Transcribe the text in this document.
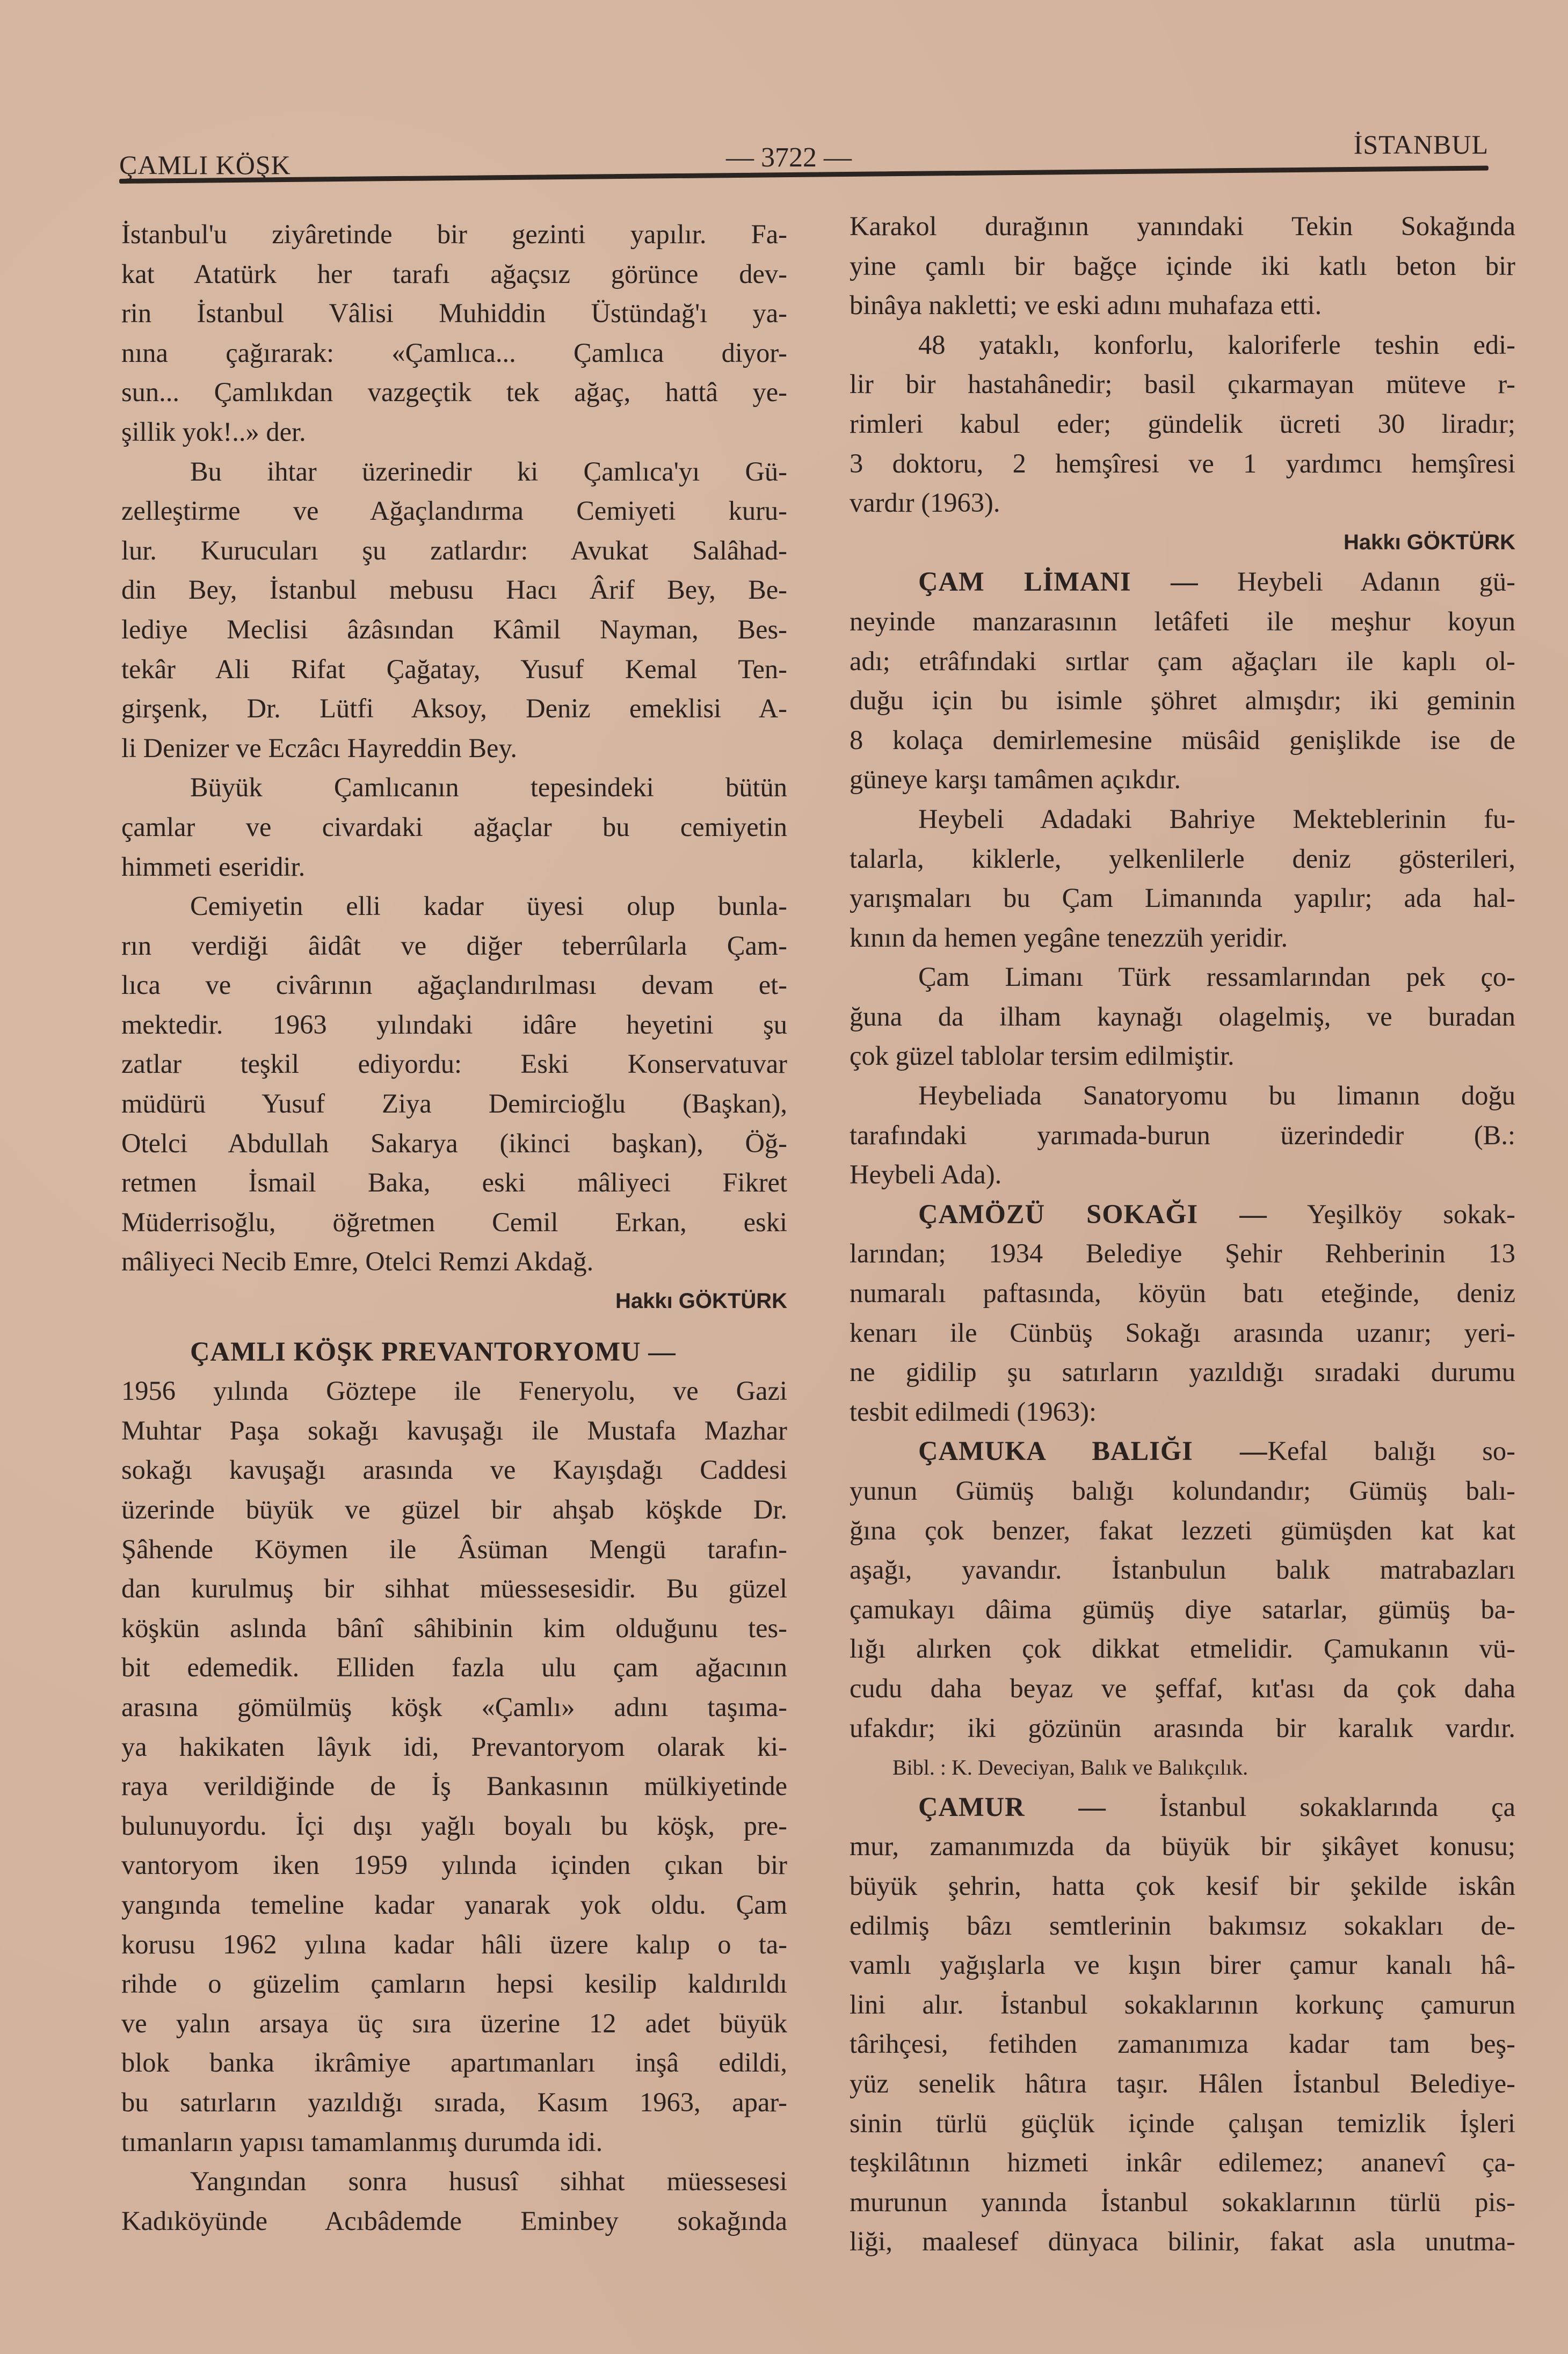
ÇAMLI KÖŞK	— 3722 —	İSTANBUL
İstanbul'u ziyâretinde bir gezinti yapılır. Fa-
kat Atatürk her tarafı ağaçsız görünce dev-
rin İstanbul Vâlisi Muhiddin Üstündağ'ı ya-
nına çağırarak: «Çamlıca... Çamlıca diyor-
sun... Çamlıkdan vazgeçtik tek ağaç, hattâ ye-
şillik yok!..» der.
Bu ihtar üzerinedir ki Çamlıca'yı Gü-
zelleştirme ve Ağaçlandırma Cemiyeti kuru-
lur. Kurucuları şu zatlardır: Avukat Salâhad-
din Bey, İstanbul mebusu Hacı Ârif Bey, Be-
lediye Meclisi âzâsından Kâmil Nayman, Bes-
tekâr Ali Rifat Çağatay, Yusuf Kemal Ten-
girşenk, Dr. Lütfi Aksoy, Deniz emeklisi A-
li Denizer ve Eczâcı Hayreddin Bey.
Büyük Çamlıcanın tepesindeki bütün
çamlar ve civardaki ağaçlar bu cemiyetin
himmeti eseridir.
Cemiyetin elli kadar üyesi olup bunla-
rın verdiği âidât ve diğer teberrûlarla Çam-
lıca ve civârının ağaçlandırılması devam et-
mektedir. 1963 yılındaki idâre heyetini şu
zatlar teşkil ediyordu: Eski Konservatuvar
müdürü Yusuf Ziya Demircioğlu (Başkan),
Otelci Abdullah Sakarya (ikinci başkan), Öğ-
retmen İsmail Baka, eski mâliyeci Fikret
Müderrisoğlu, öğretmen Cemil Erkan, eski
mâliyeci Necib Emre, Otelci Remzi Akdağ.
Hakkı GÖKTÜRK
ÇAMLI KÖŞK PREVANTORYOMU —
1956 yılında Göztepe ile Feneryolu, ve Gazi
Muhtar Paşa sokağı kavuşağı ile Mustafa Mazhar
sokağı kavuşağı arasında ve Kayışdağı Caddesi
üzerinde büyük ve güzel bir ahşab köşkde Dr.
Şâhende Köymen ile Âsüman Mengü tarafın-
dan kurulmuş bir sihhat müessesesidir. Bu güzel
köşkün aslında bânî sâhibinin kim olduğunu tes-
bit edemedik. Elliden fazla ulu çam ağacının
arasına gömülmüş köşk «Çamlı» adını taşıma-
ya hakikaten lâyık idi, Prevantoryom olarak ki-
raya verildiğinde de İş Bankasının mülkiyetinde
bulunuyordu. İçi dışı yağlı boyalı bu köşk, pre-
vantoryom iken 1959 yılında içinden çıkan bir
yangında temeline kadar yanarak yok oldu. Çam
korusu 1962 yılına kadar hâli üzere kalıp o ta-
rihde o güzelim çamların hepsi kesilip kaldırıldı
ve yalın arsaya üç sıra üzerine 12 adet büyük
blok banka ikrâmiye apartımanları inşâ edildi,
bu satırların yazıldığı sırada, Kasım 1963, apar-
tımanların yapısı tamamlanmış durumda idi.
Yangından sonra hususî sihhat müessesesi
Kadıköyünde Acıbâdemde Eminbey sokağında
Karakol durağının yanındaki Tekin Sokağında
yine çamlı bir bağçe içinde iki katlı beton bir
binâya nakletti; ve eski adını muhafaza etti.
48 yataklı, konforlu, kaloriferle teshin edi-
lir bir hastahânedir; basil çıkarmayan müteve r-
rimleri kabul eder; gündelik ücreti 30 liradır;
3 doktoru, 2 hemşîresi ve 1 yardımcı hemşîresi
vardır (1963).
Hakkı GÖKTÜRK
ÇAM LİMANI — Heybeli Adanın gü-
neyinde manzarasının letâfeti ile meşhur koyun
adı; etrâfındaki sırtlar çam ağaçları ile kaplı ol-
duğu için bu isimle şöhret almışdır; iki geminin
8 kolaça demirlemesine müsâid genişlikde ise de
güneye karşı tamâmen açıkdır.
Heybeli Adadaki Bahriye Mekteblerinin fu-
talarla, kiklerle, yelkenlilerle deniz gösterileri,
yarışmaları bu Çam Limanında yapılır; ada hal-
kının da hemen yegâne tenezzüh yeridir.
Çam Limanı Türk ressamlarından pek ço-
ğuna da ilham kaynağı olagelmiş, ve buradan
çok güzel tablolar tersim edilmiştir.
Heybeliada Sanatoryomu bu limanın doğu
tarafındaki yarımada-burun üzerindedir (B.:
Heybeli Ada).
ÇAMÖZÜ SOKAĞI — Yeşilköy sokak-
larından; 1934 Belediye Şehir Rehberinin 13
numaralı paftasında, köyün batı eteğinde, deniz
kenarı ile Cünbüş Sokağı arasında uzanır; yeri-
ne gidilip şu satırların yazıldığı sıradaki durumu
tesbit edilmedi (1963):
ÇAMUKA BALIĞI —Kefal balığı so-
yunun Gümüş balığı kolundandır; Gümüş balı-
ğına çok benzer, fakat lezzeti gümüşden kat kat
aşağı, yavandır. İstanbulun balık matrabazları
çamukayı dâima gümüş diye satarlar, gümüş ba-
lığı alırken çok dikkat etmelidir. Çamukanın vü-
cudu daha beyaz ve şeffaf, kıt'ası da çok daha
ufakdır; iki gözünün arasında bir karalık vardır.
Bibl. : K. Deveciyan, Balık ve Balıkçılık.
ÇAMUR — İstanbul sokaklarında ça
mur, zamanımızda da büyük bir şikâyet konusu;
büyük şehrin, hatta çok kesif bir şekilde iskân
edilmiş bâzı semtlerinin bakımsız sokakları de-
vamlı yağışlarla ve kışın birer çamur kanalı hâ-
lini alır. İstanbul sokaklarının korkunç çamurun
târihçesi, fetihden zamanımıza kadar tam beş-
yüz senelik hâtıra taşır. Hâlen İstanbul Belediye-
sinin türlü güçlük içinde çalışan temizlik İşleri
teşkilâtının hizmeti inkâr edilemez; ananevî ça-
murunun yanında İstanbul sokaklarının türlü pis-
liği, maalesef dünyaca bilinir, fakat asla unutma-
